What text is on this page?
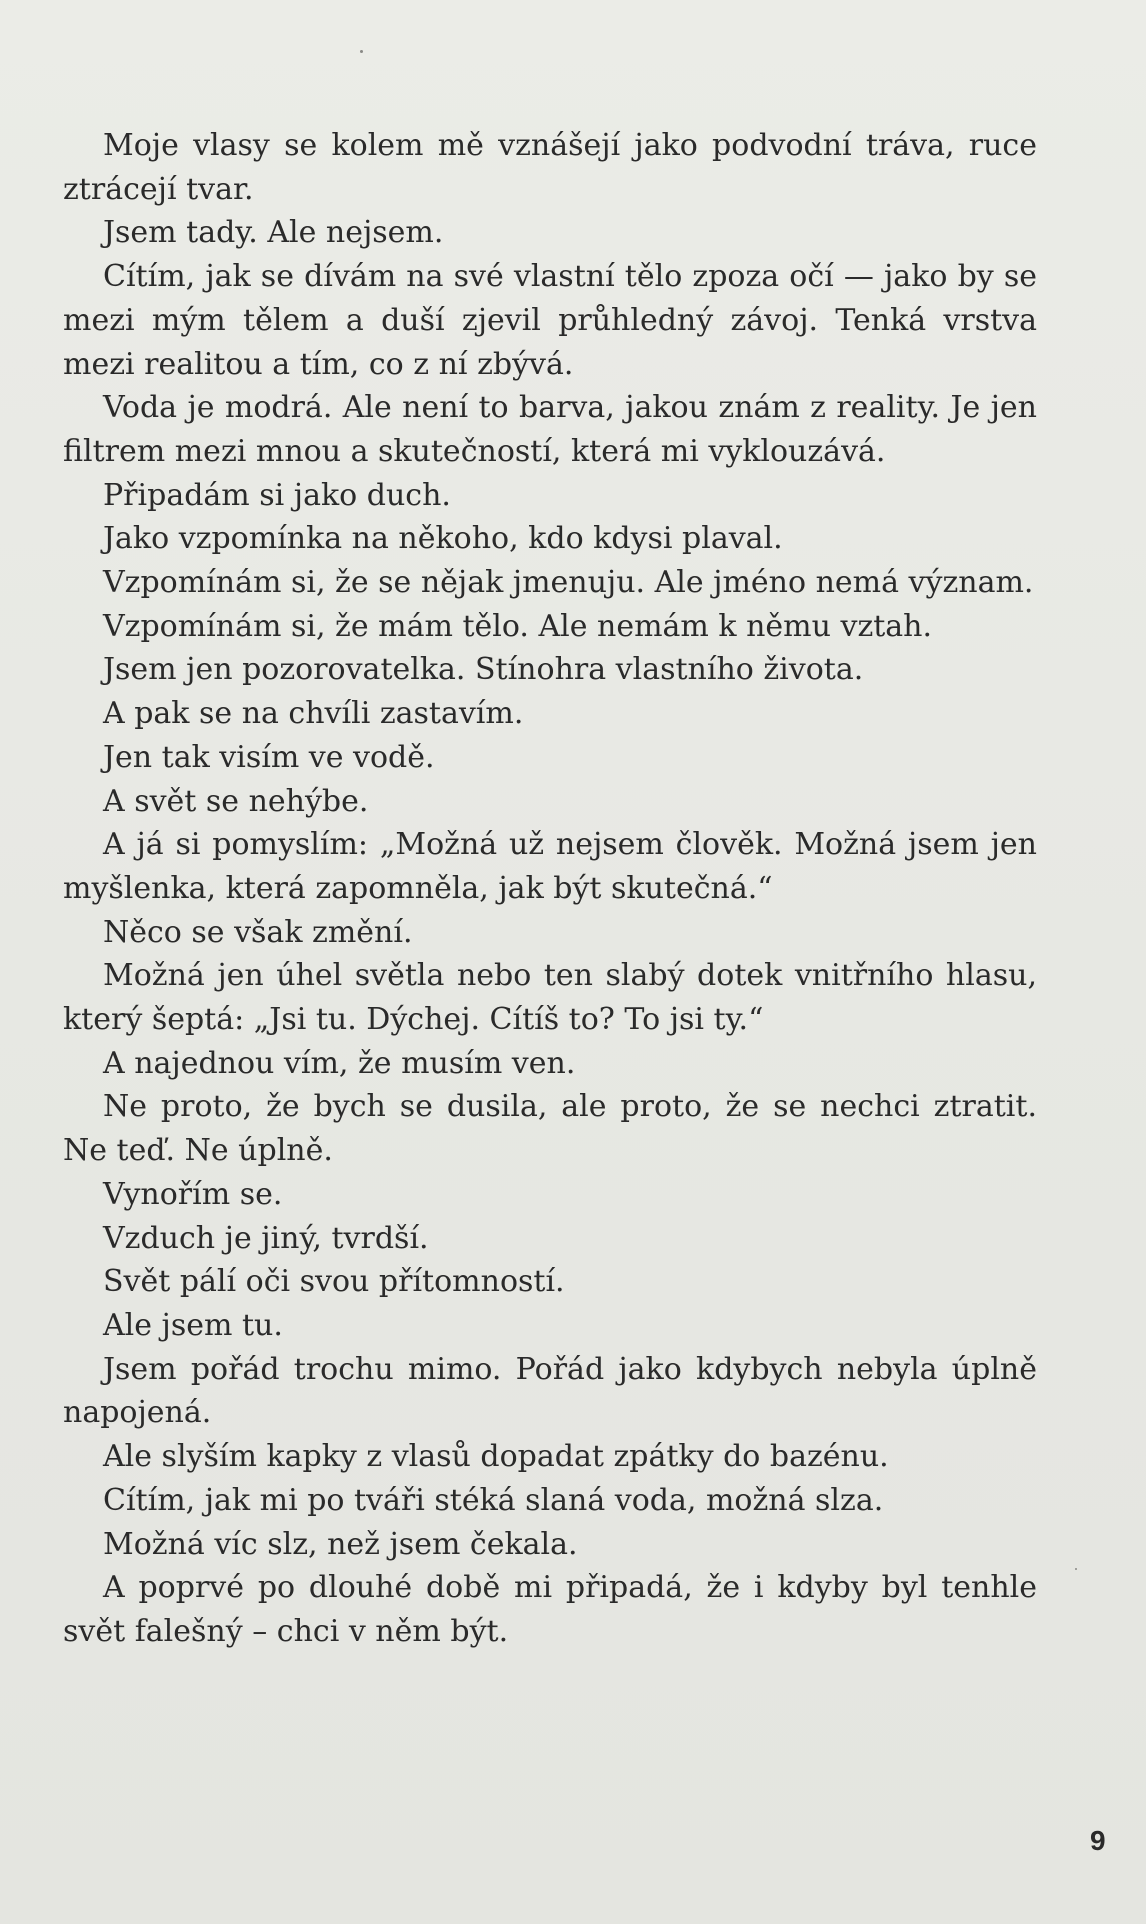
Moje vlasy se kolem mě vznášejí jako podvodní tráva, ruce ztrácejí tvar.

Jsem tady. Ale nejsem.

Cítím, jak se dívám na své vlastní tělo zpoza očí — jako by se mezi mým tělem a duší zjevil průhledný závoj. Tenká vrstva mezi realitou a tím, co z ní zbývá.

Voda je modrá. Ale není to barva, jakou znám z reality. Je jen filtrem mezi mnou a skutečností, která mi vyklouzává.

Připadám si jako duch.

Jako vzpomínka na někoho, kdo kdysi plaval.

Vzpomínám si, že se nějak jmenuju. Ale jméno nemá význam.

Vzpomínám si, že mám tělo. Ale nemám k němu vztah.

Jsem jen pozorovatelka. Stínohra vlastního života.

A pak se na chvíli zastavím.

Jen tak visím ve vodě.

A svět se nehýbe.

A já si pomyslím: „Možná už nejsem člověk. Možná jsem jen myšlenka, která zapomněla, jak být skutečná.“

Něco se však změní.

Možná jen úhel světla nebo ten slabý dotek vnitřního hlasu, který šeptá: „Jsi tu. Dýchej. Cítíš to? To jsi ty.“

A najednou vím, že musím ven.

Ne proto, že bych se dusila, ale proto, že se nechci ztratit. Ne teď. Ne úplně.

Vynořím se.

Vzduch je jiný, tvrdší.

Svět pálí oči svou přítomností.

Ale jsem tu.

Jsem pořád trochu mimo. Pořád jako kdybych nebyla úplně napojená.

Ale slyším kapky z vlasů dopadat zpátky do bazénu.

Cítím, jak mi po tváři stéká slaná voda, možná slza.

Možná víc slz, než jsem čekala.

A poprvé po dlouhé době mi připadá, že i kdyby byl tenhle svět falešný – chci v něm být.

9
